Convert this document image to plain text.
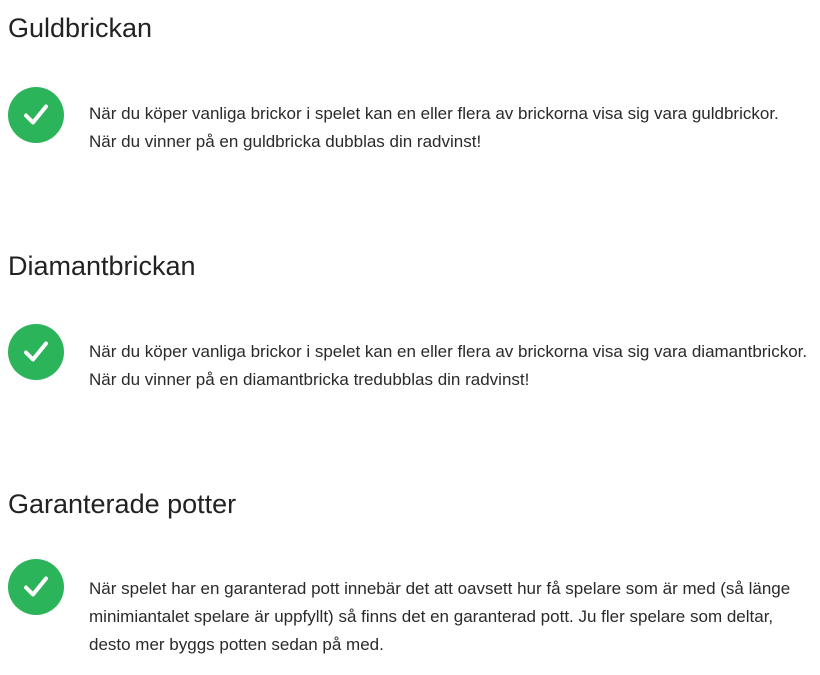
Guldbrickan

När du köper vanliga brickor i spelet kan en eller flera av brickorna visa sig vara guldbrickor. När du vinner på en guldbricka dubblas din radvinst!

Diamantbrickan

När du köper vanliga brickor i spelet kan en eller flera av brickorna visa sig vara diamantbrickor. När du vinner på en diamantbricka tredubblas din radvinst!

Garanterade potter

När spelet har en garanterad pott innebär det att oavsett hur få spelare som är med (så länge minimiantalet spelare är uppfyllt) så finns det en garanterad pott. Ju fler spelare som deltar, desto mer byggs potten sedan på med.
